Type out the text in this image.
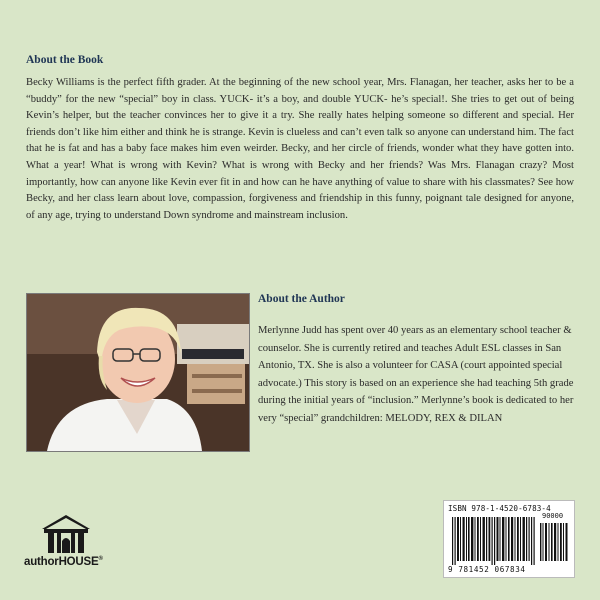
About the Book

Becky Williams is the perfect fifth grader. At the beginning of the new school year, Mrs. Flanagan, her teacher, asks her to be a “buddy” for the new “special” boy in class. YUCK- it’s a boy, and double YUCK- he’s special!. She tries to get out of being Kevin’s helper, but the teacher convinces her to give it a try. She really hates helping someone so different and special. Her friends don’t like him either and think he is strange. Kevin is clueless and can’t even talk so anyone can understand him. The fact that he is fat and has a baby face makes him even weirder. Becky, and her circle of friends, wonder what they have gotten into. What a year! What is wrong with Kevin? What is wrong with Becky and her friends? Was Mrs. Flanagan crazy? Most importantly, how can anyone like Kevin ever fit in and how can he have anything of value to share with his classmates? See how Becky, and her class learn about love, compassion, forgiveness and friendship in this funny, poignant tale designed for anyone, of any age, trying to understand Down syndrome and mainstream inclusion.

About the Author

Merlynne Judd has spent over 40 years as an elementary school teacher & counselor. She is currently retired and teaches Adult ESL classes in San Antonio, TX. She is also a volunteer for CASA (court appointed special advocate.) This story is based on an experience she had teaching 5th grade during the initial years of “inclusion.” Merlynne’s book is dedicated to her very “special” grandchildren: MELODY, REX & DILAN

authorHOUSE®
ISBN 978-1-4520-6783-4
90000
9 781452 067834
